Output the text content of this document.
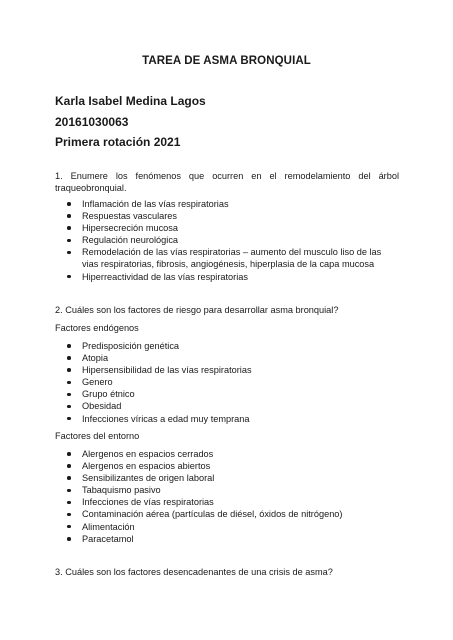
TAREA DE ASMA BRONQUIAL
Karla Isabel Medina Lagos
20161030063
Primera rotación 2021
1. Enumere los fenómenos que ocurren en el remodelamiento del árbol traqueobronquial.
Inflamación de las vías respiratorias
Respuestas vasculares
Hipersecreción mucosa
Regulación neurológica
Remodelación de las vías respiratorias – aumento del musculo liso de las vias respiratorias, fibrosis, angiogénesis, hiperplasia de la capa mucosa
Hiperreactividad de las vías respiratorias
2. Cuáles son los factores de riesgo para desarrollar asma bronquial?
Factores endógenos
Predisposición genética
Atopia
Hipersensibilidad de las vías respiratorias
Genero
Grupo étnico
Obesidad
Infecciones víricas a edad muy temprana
Factores del entorno
Alergenos en espacios cerrados
Alergenos en espacios abiertos
Sensibilizantes de origen laboral
Tabaquismo pasivo
Infecciones de vías respiratorias
Contaminación aérea (partículas de diésel, óxidos de nitrógeno)
Alimentación
Paracetamol
3. Cuáles son los factores desencadenantes de una crisis de asma?
